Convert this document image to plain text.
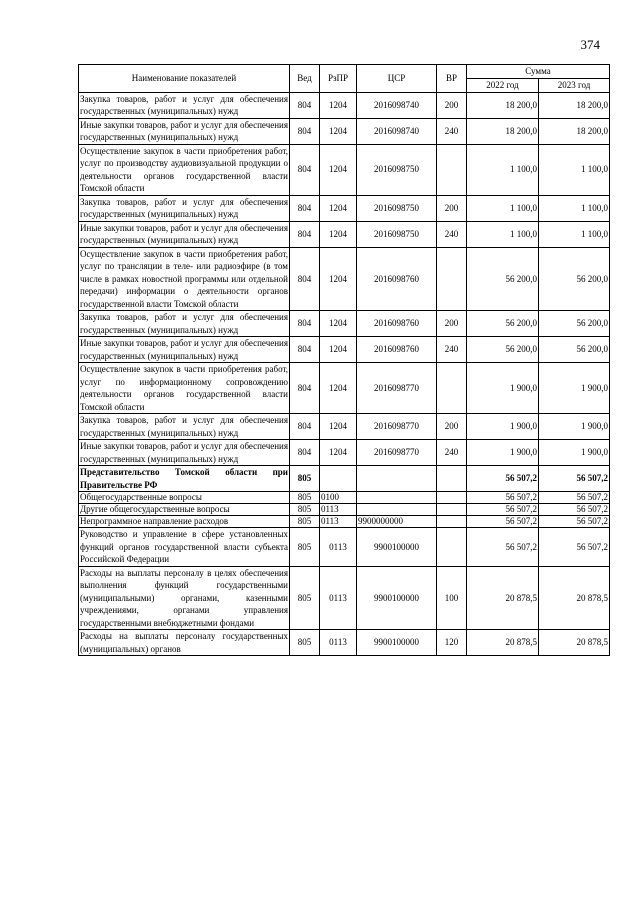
374
Наименование показателей	Вед	РзПР	ЦСР	ВР	Сумма	
					2022 год	2023 год
Закупка товаров, работ и услуг для обеспечения государственных (муниципальных) нужд	804	1204	2016098740	200	18 200,0	18 200,0
Иные закупки товаров, работ и услуг для обеспечения государственных (муниципальных) нужд	804	1204	2016098740	240	18 200,0	18 200,0
Осуществление закупок в части приобретения работ, услуг по производству аудиовизуальной продукции о деятельности органов государственной власти Томской области	804	1204	2016098750		1 100,0	1 100,0
Закупка товаров, работ и услуг для обеспечения государственных (муниципальных) нужд	804	1204	2016098750	200	1 100,0	1 100,0
Иные закупки товаров, работ и услуг для обеспечения государственных (муниципальных) нужд	804	1204	2016098750	240	1 100,0	1 100,0
Осуществление закупок в части приобретения работ, услуг по трансляции в теле- или радиоэфире (в том числе в рамках новостной программы или отдельной передачи) информации о деятельности органов государственной власти Томской области	804	1204	2016098760		56 200,0	56 200,0
Закупка товаров, работ и услуг для обеспечения государственных (муниципальных) нужд	804	1204	2016098760	200	56 200,0	56 200,0
Иные закупки товаров, работ и услуг для обеспечения государственных (муниципальных) нужд	804	1204	2016098760	240	56 200,0	56 200,0
Осуществление закупок в части приобретения работ, услуг по информационному сопровождению деятельности органов государственной власти Томской области	804	1204	2016098770		1 900,0	1 900,0
Закупка товаров, работ и услуг для обеспечения государственных (муниципальных) нужд	804	1204	2016098770	200	1 900,0	1 900,0
Иные закупки товаров, работ и услуг для обеспечения государственных (муниципальных) нужд	804	1204	2016098770	240	1 900,0	1 900,0
Представительство Томской области при Правительстве РФ	805				56 507,2	56 507,2
Общегосударственные вопросы	805	0100			56 507,2	56 507,2
Другие общегосударственные вопросы	805	0113			56 507,2	56 507,2
Непрограммное направление расходов	805	0113	9900000000		56 507,2	56 507,2
Руководство и управление в сфере установленных функций органов государственной власти субъекта Российской Федерации	805	0113	9900100000		56 507,2	56 507,2
Расходы на выплаты персоналу в целях обеспечения выполнения функций государственными (муниципальными) органами, казенными учреждениями, органами управления государственными внебюджетными фондами	805	0113	9900100000	100	20 878,5	20 878,5
Расходы на выплаты персоналу государственных (муниципальных) органов	805	0113	9900100000	120	20 878,5	20 878,5
